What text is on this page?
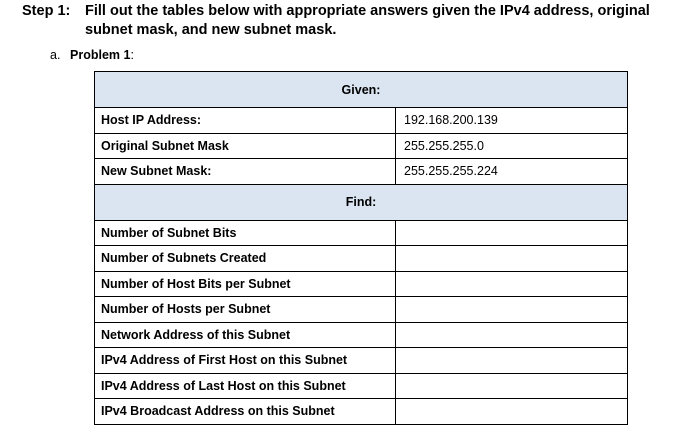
Step 1: Fill out the tables below with appropriate answers given the IPv4 address, original subnet mask, and new subnet mask.
a. Problem 1:
Given:	
Host IP Address:	192.168.200.139
Original Subnet Mask	255.255.255.0
New Subnet Mask:	255.255.255.224
Find:	
Number of Subnet Bits	
Number of Subnets Created	
Number of Host Bits per Subnet	
Number of Hosts per Subnet	
Network Address of this Subnet	
IPv4 Address of First Host on this Subnet	
IPv4 Address of Last Host on this Subnet	
IPv4 Broadcast Address on this Subnet	
